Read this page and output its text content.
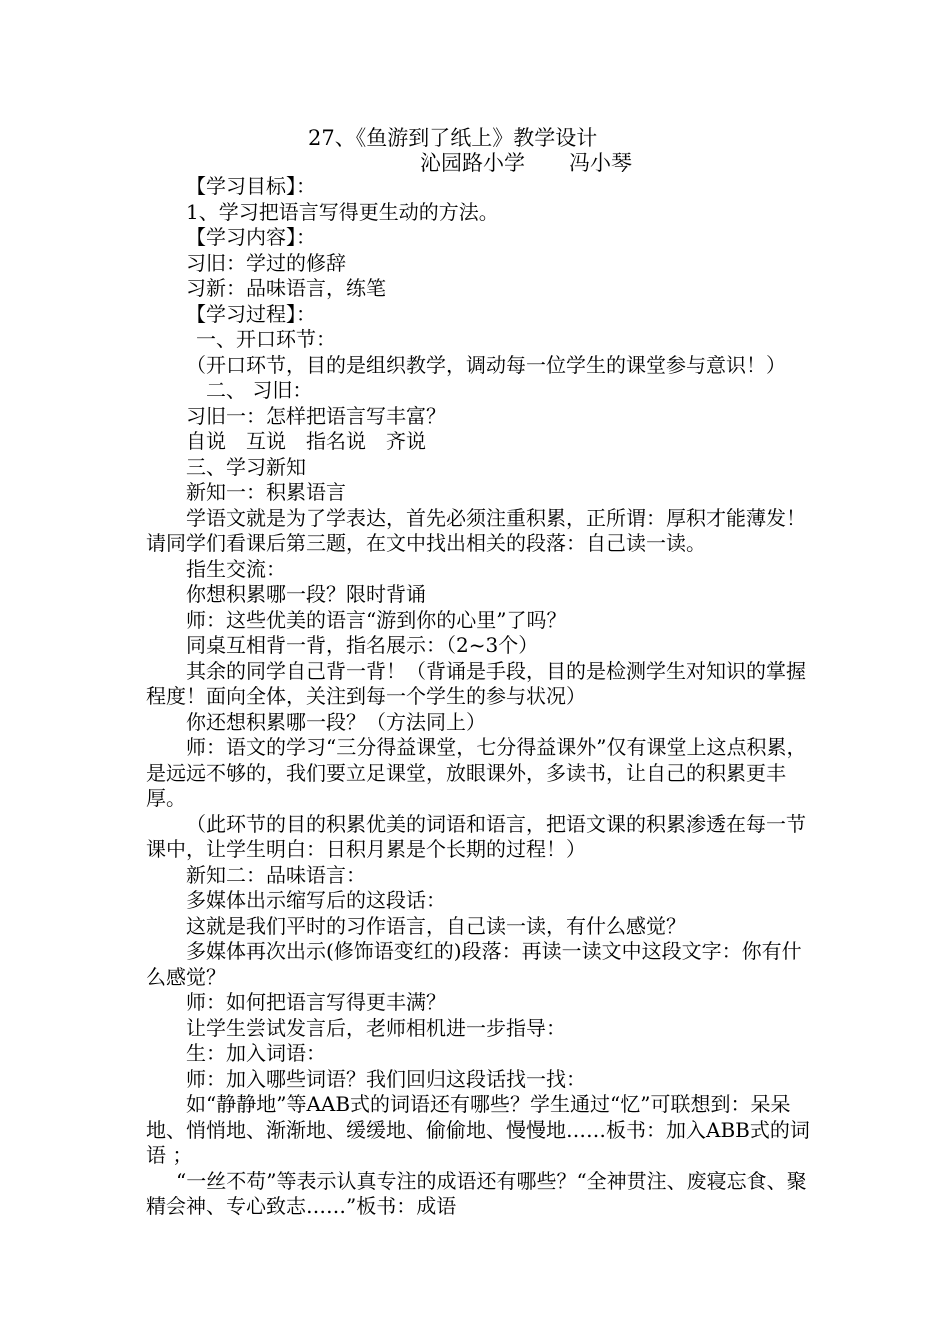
27、《鱼游到了纸上》教学设计
沁园路小学 冯小琴

【学习目标】：

1、学习把语言写得更生动的方法。

【学习内容】：

习旧：学过的修辞

习新：品味语言，练笔

【学习过程】：

一、开口环节：

（开口环节，目的是组织教学，调动每一位学生的课堂参与意识！）

二、 习旧：

习旧一：怎样把语言写丰富？

自说　互说　指名说　齐说

三、学习新知

新知一：积累语言

学语文就是为了学表达，首先必须注重积累，正所谓：厚积才能薄发！请同学们看课后第三题，在文中找出相关的段落：自己读一读。

指生交流：

你想积累哪一段？限时背诵

师：这些优美的语言“游到你的心里”了吗？

同桌互相背一背，指名展示：（2~3个）

其余的同学自己背一背！（背诵是手段，目的是检测学生对知识的掌握程度！面向全体，关注到每一个学生的参与状况）

你还想积累哪一段？（方法同上）

师：语文的学习“三分得益课堂，七分得益课外”仅有课堂上这点积累，是远远不够的，我们要立足课堂，放眼课外，多读书，让自己的积累更丰厚。

（此环节的目的积累优美的词语和语言，把语文课的积累渗透在每一节课中，让学生明白：日积月累是个长期的过程！）

新知二：品味语言：

多媒体出示缩写后的这段话：

这就是我们平时的习作语言，自己读一读，有什么感觉？

多媒体再次出示(修饰语变红的)段落：再读一读文中这段文字：你有什么感觉？

师：如何把语言写得更丰满？

让学生尝试发言后，老师相机进一步指导：

生：加入词语：

师：加入哪些词语？我们回归这段话找一找：

如“静静地”等AAB式的词语还有哪些？学生通过“忆”可联想到：呆呆地、悄悄地、渐渐地、缓缓地、偷偷地、慢慢地……板书：加入ABB式的词语 ；

“一丝不苟”等表示认真专注的成语还有哪些？“全神贯注、废寝忘食、聚精会神、专心致志……”板书：成语
